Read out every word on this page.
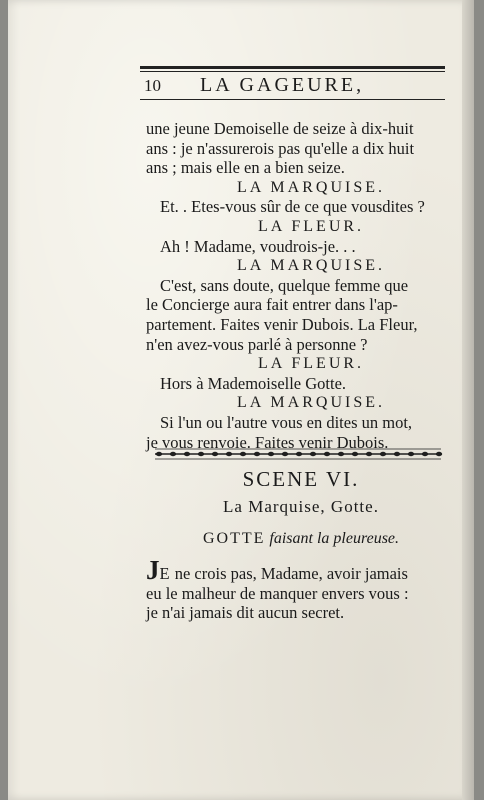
10 LA GAGEURE,
une jeune Demoiselle de seize à dix-huit
ans : je n'assurerois pas qu'elle a dix huit
ans ; mais elle en a bien seize.
LA MARQUISE.
Et. . Etes-vous sûr de ce que vousdites ?
LA FLEUR.
Ah ! Madame, voudrois-je. . .
LA MARQUISE.
C'est, sans doute, quelque femme que
le Concierge aura fait entrer dans l'ap-
partement. Faites venir Dubois. La Fleur,
n'en avez-vous parlé à personne ?
LA FLEUR.
Hors à Mademoiselle Gotte.
LA MARQUISE.
Si l'un ou l'autre vous en dites un mot,
je vous renvoie. Faites venir Dubois.
SCENE VI.
La Marquise, Gotte.
GOTTE faisant la pleureuse.
JE ne crois pas, Madame, avoir jamais
eu le malheur de manquer envers vous :
je n'ai jamais dit aucun secret.
